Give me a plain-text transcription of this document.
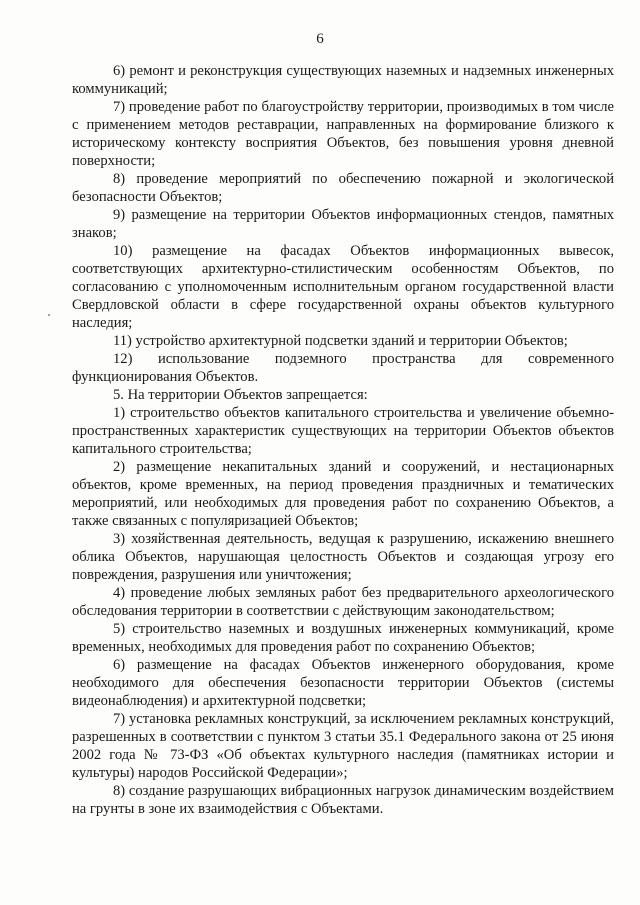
6

6) ремонт и реконструкция существующих наземных и надземных инженерных коммуникаций;

7) проведение работ по благоустройству территории, производимых в том числе с применением методов реставрации, направленных на формирование близкого к историческому контексту восприятия Объектов, без повышения уровня дневной поверхности;

8) проведение мероприятий по обеспечению пожарной и экологической безопасности Объектов;

9) размещение на территории Объектов информационных стендов, памятных знаков;

10) размещение на фасадах Объектов информационных вывесок, соответствующих архитектурно-стилистическим особенностям Объектов, по согласованию с уполномоченным исполнительным органом государственной власти Свердловской области в сфере государственной охраны объектов культурного наследия;

11) устройство архитектурной подсветки зданий и территории Объектов;

12) использование подземного пространства для современного функционирования Объектов.

5. На территории Объектов запрещается:

1) строительство объектов капитального строительства и увеличение объемно-пространственных характеристик существующих на территории Объектов объектов капитального строительства;

2) размещение некапитальных зданий и сооружений, и нестационарных объектов, кроме временных, на период проведения праздничных и тематических мероприятий, или необходимых для проведения работ по сохранению Объектов, а также связанных с популяризацией Объектов;

3) хозяйственная деятельность, ведущая к разрушению, искажению внешнего облика Объектов, нарушающая целостность Объектов и создающая угрозу его повреждения, разрушения или уничтожения;

4) проведение любых земляных работ без предварительного археологического обследования территории в соответствии с действующим законодательством;

5) строительство наземных и воздушных инженерных коммуникаций, кроме временных, необходимых для проведения работ по сохранению Объектов;

6) размещение на фасадах Объектов инженерного оборудования, кроме необходимого для обеспечения безопасности территории Объектов (системы видеонаблюдения) и архитектурной подсветки;

7) установка рекламных конструкций, за исключением рекламных конструкций, разрешенных в соответствии с пунктом 3 статьи 35.1 Федерального закона от 25 июня 2002 года № 73-ФЗ «Об объектах культурного наследия (памятниках истории и культуры) народов Российской Федерации»;

8) создание разрушающих вибрационных нагрузок динамическим воздействием на грунты в зоне их взаимодействия с Объектами.
